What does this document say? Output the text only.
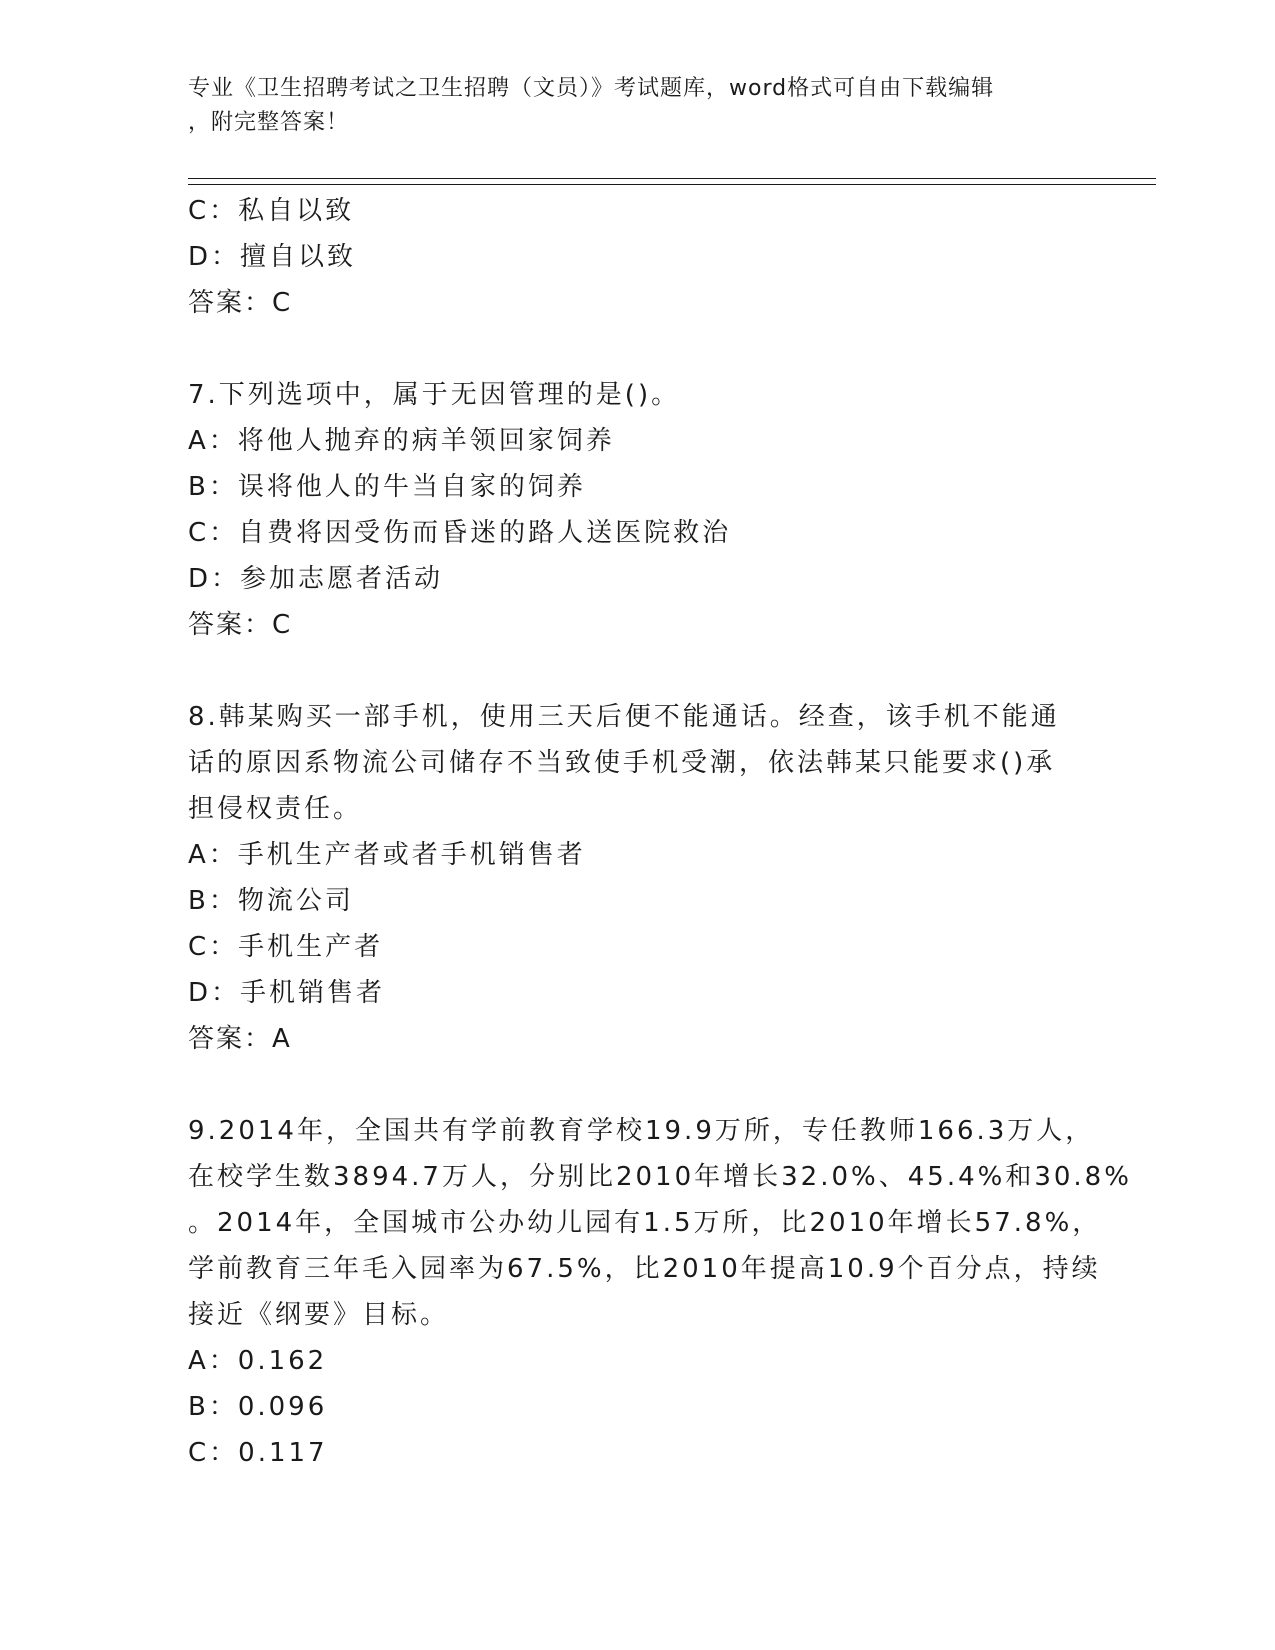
专业《卫生招聘考试之卫生招聘（文员）》考试题库，word格式可自由下载编辑
，附完整答案！
C：私自以致
D：擅自以致
答案：C
7.下列选项中，属于无因管理的是()。
A：将他人抛弃的病羊领回家饲养
B：误将他人的牛当自家的饲养
C：自费将因受伤而昏迷的路人送医院救治
D：参加志愿者活动
答案：C
8.韩某购买一部手机，使用三天后便不能通话。经查，该手机不能通
话的原因系物流公司储存不当致使手机受潮，依法韩某只能要求()承
担侵权责任。
A：手机生产者或者手机销售者
B：物流公司
C：手机生产者
D：手机销售者
答案：A
9.2014年，全国共有学前教育学校19.9万所，专任教师166.3万人，
在校学生数3894.7万人，分别比2010年增长32.0%、45.4%和30.8%
。2014年，全国城市公办幼儿园有1.5万所，比2010年增长57.8%，
学前教育三年毛入园率为67.5%，比2010年提高10.9个百分点，持续
接近《纲要》目标。
A：0.162
B：0.096
C：0.117
